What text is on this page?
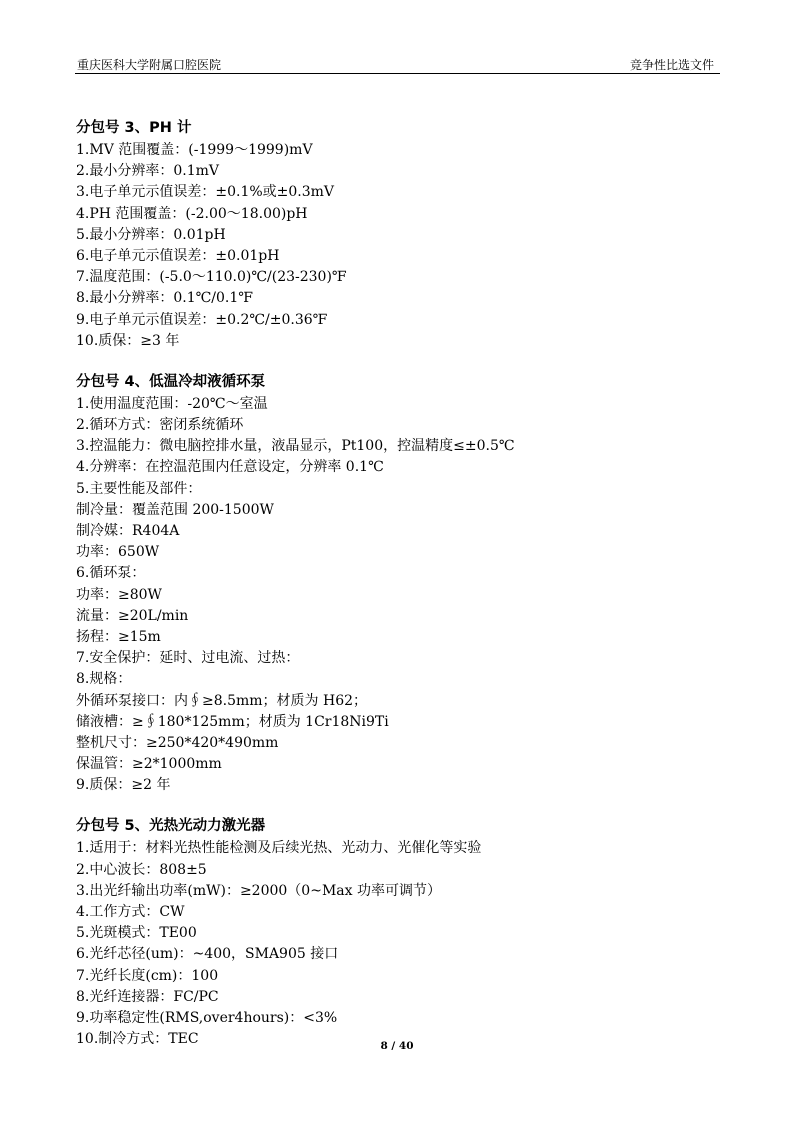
重庆医科大学附属口腔医院	竞争性比选文件
分包号 3、PH 计
1.MV 范围覆盖：(-1999～1999)mV
2.最小分辨率：0.1mV
3.电子单元示值误差：±0.1%或±0.3mV
4.PH 范围覆盖：(-2.00～18.00)pH
5.最小分辨率：0.01pH
6.电子单元示值误差：±0.01pH
7.温度范围：(-5.0～110.0)℃/(23-230)℉
8.最小分辨率：0.1℃/0.1℉
9.电子单元示值误差：±0.2℃/±0.36℉
10.质保：≥3 年
分包号 4、低温冷却液循环泵
1.使用温度范围：-20℃～室温
2.循环方式：密闭系统循环
3.控温能力：微电脑控排水量，液晶显示，Pt100，控温精度≤±0.5℃
4.分辨率：在控温范围内任意设定，分辨率 0.1℃
5.主要性能及部件：
制冷量：覆盖范围 200-1500W
制冷媒：R404A
功率：650W
6.循环泵：
功率：≥80W
流量：≥20L/min
扬程：≥15m
7.安全保护：延时、过电流、过热：
8.规格：
外循环泵接口：内∮≥8.5mm；材质为 H62；
储液槽：≥∮180*125mm；材质为 1Cr18Ni9Ti
整机尺寸：≥250*420*490mm
保温管：≥2*1000mm
9.质保：≥2 年
分包号 5、光热光动力激光器
1.适用于：材料光热性能检测及后续光热、光动力、光催化等实验
2.中心波长：808±5
3.出光纤输出功率(mW)：≥2000（0~Max 功率可调节）
4.工作方式：CW
5.光斑模式：TE00
6.光纤芯径(um)：~400，SMA905 接口
7.光纤长度(cm)：100
8.光纤连接器：FC/PC
9.功率稳定性(RMS,over4hours)：<3%
10.制冷方式：TEC	8 / 40
